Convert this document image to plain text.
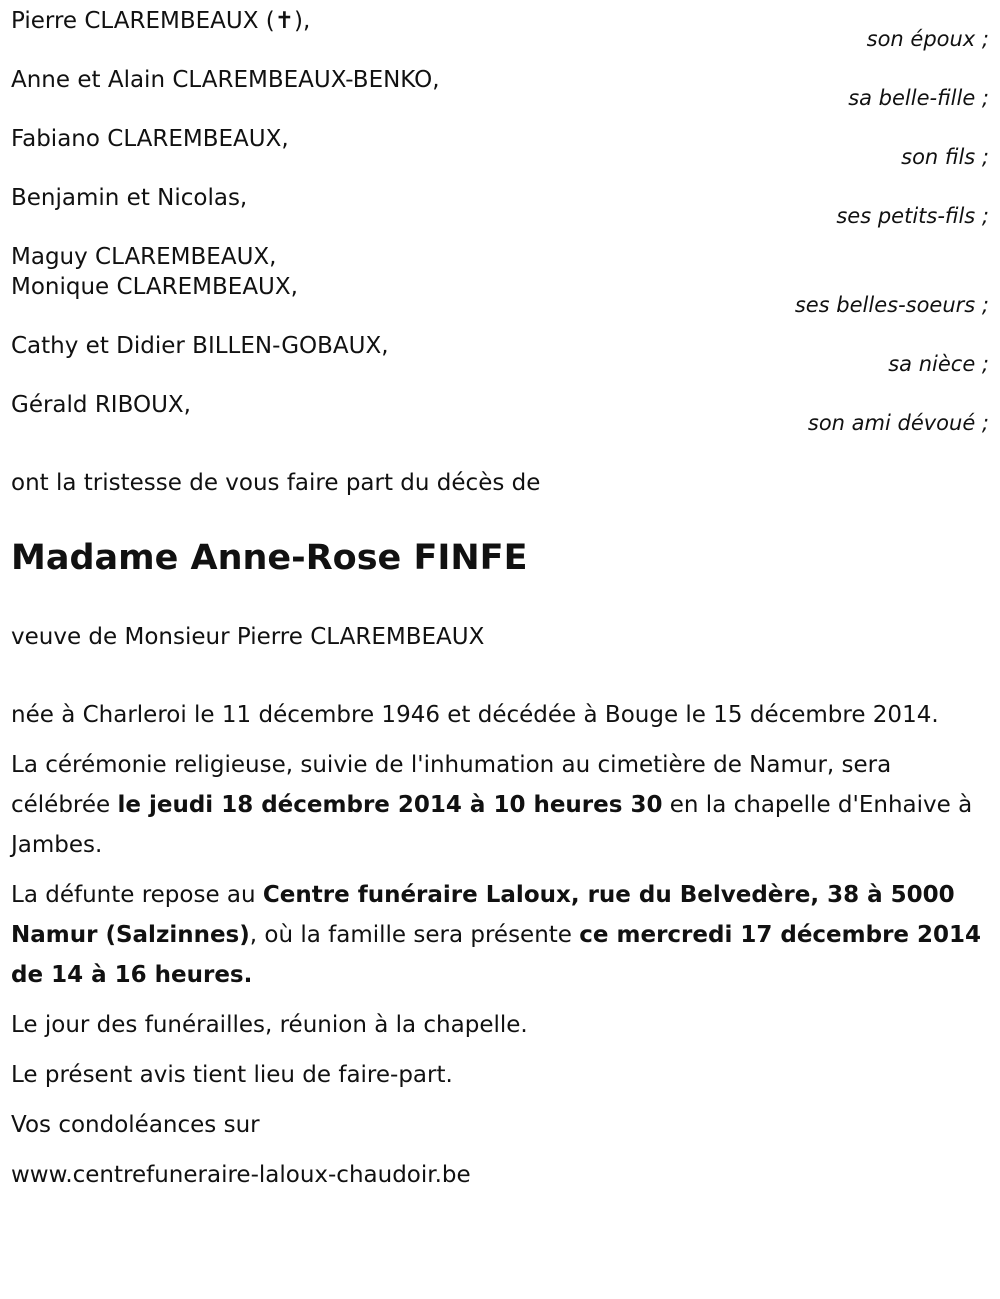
Pierre CLAREMBEAUX (✝),
son époux ;
Anne et Alain CLAREMBEAUX-BENKO,
sa belle-fille ;
Fabiano CLAREMBEAUX,
son fils ;
Benjamin et Nicolas,
ses petits-fils ;
Maguy CLAREMBEAUX,
Monique CLAREMBEAUX,
ses belles-soeurs ;
Cathy et Didier BILLEN-GOBAUX,
sa nièce ;
Gérald RIBOUX,
son ami dévoué ;
ont la tristesse de vous faire part du décès de
Madame Anne-Rose FINFE
veuve de Monsieur Pierre CLAREMBEAUX

née à Charleroi le 11 décembre 1946 et décédée à Bouge le 15 décembre 2014.

La cérémonie religieuse, suivie de l'inhumation au cimetière de Namur, sera célébrée le jeudi 18 décembre 2014 à 10 heures 30 en la chapelle d'Enhaive à Jambes.

La défunte repose au Centre funéraire Laloux, rue du Belvedère, 38 à 5000 Namur (Salzinnes), où la famille sera présente ce mercredi 17 décembre 2014 de 14 à 16 heures.

Le jour des funérailles, réunion à la chapelle.

Le présent avis tient lieu de faire-part.

Vos condoléances sur

www.centrefuneraire-laloux-chaudoir.be
